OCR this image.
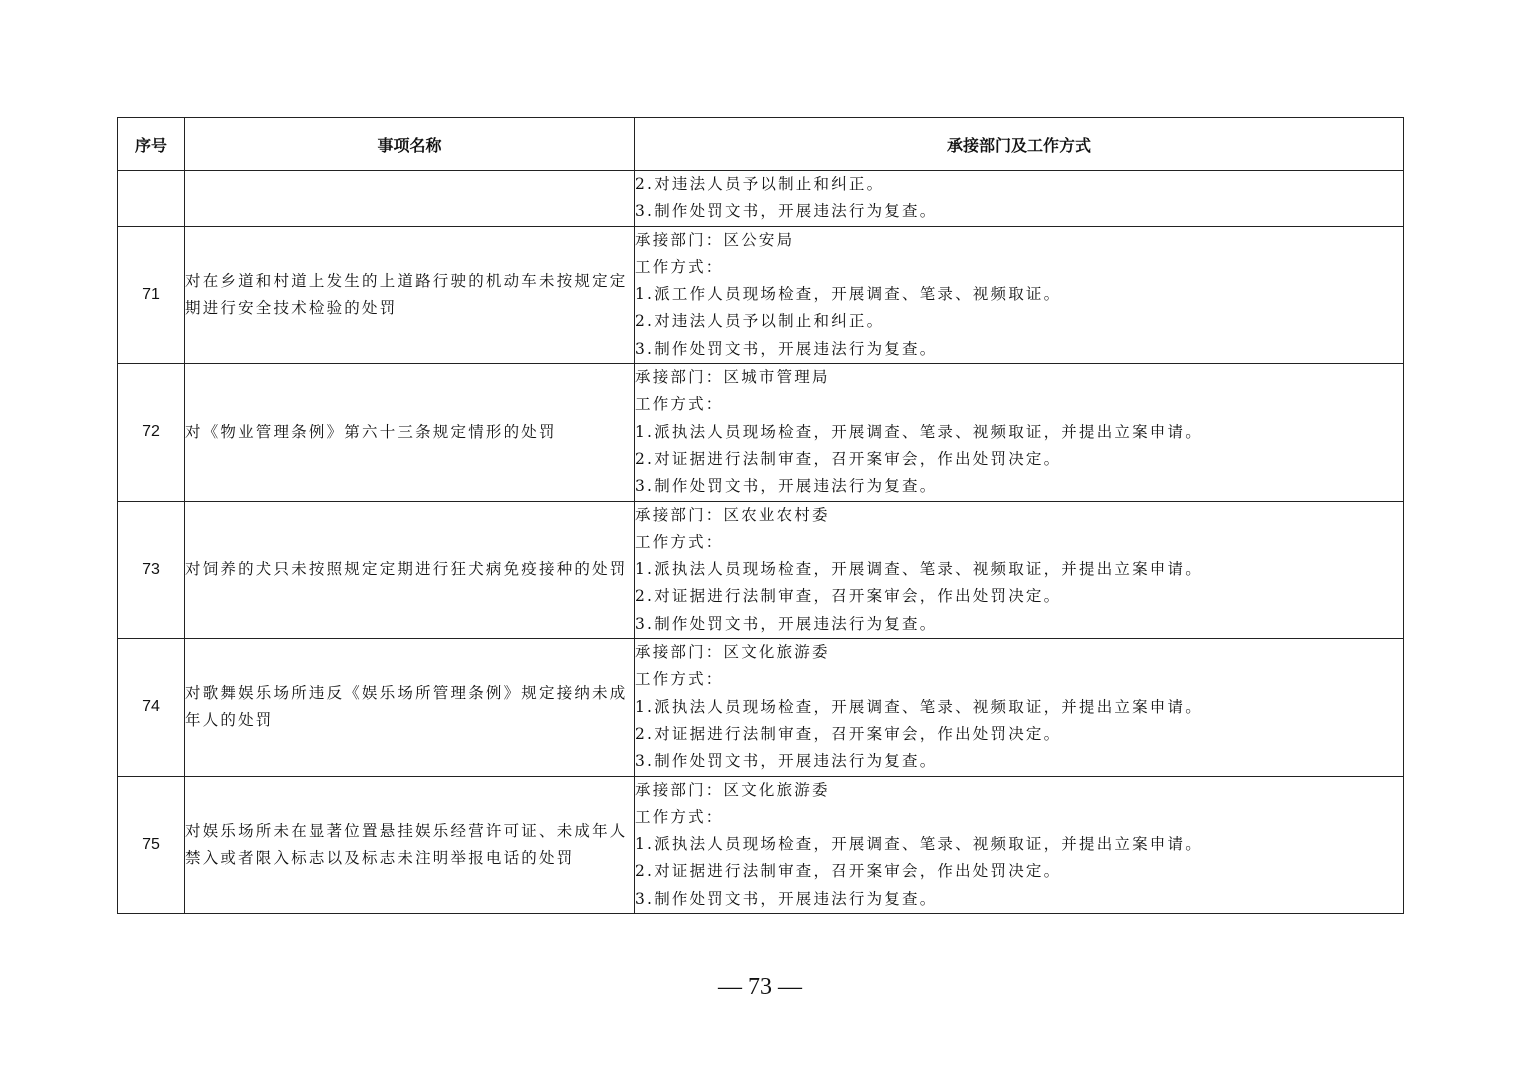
序号	事项名称	承接部门及工作方式

		2.对违法人员予以制止和纠正。
3.制作处罚文书，开展违法行为复查。

71	对在乡道和村道上发生的上道路行驶的机动车未按规定定期进行安全技术检验的处罚	承接部门：区公安局
工作方式：
1.派工作人员现场检查，开展调查、笔录、视频取证。
2.对违法人员予以制止和纠正。
3.制作处罚文书，开展违法行为复查。

72	对《物业管理条例》第六十三条规定情形的处罚	承接部门：区城市管理局
工作方式：
1.派执法人员现场检查，开展调查、笔录、视频取证，并提出立案申请。
2.对证据进行法制审查，召开案审会，作出处罚决定。
3.制作处罚文书，开展违法行为复查。

73	对饲养的犬只未按照规定定期进行狂犬病免疫接种的处罚	承接部门：区农业农村委
工作方式：
1.派执法人员现场检查，开展调查、笔录、视频取证，并提出立案申请。
2.对证据进行法制审查，召开案审会，作出处罚决定。
3.制作处罚文书，开展违法行为复查。

74	对歌舞娱乐场所违反《娱乐场所管理条例》规定接纳未成年人的处罚	承接部门：区文化旅游委
工作方式：
1.派执法人员现场检查，开展调查、笔录、视频取证，并提出立案申请。
2.对证据进行法制审查，召开案审会，作出处罚决定。
3.制作处罚文书，开展违法行为复查。

75	对娱乐场所未在显著位置悬挂娱乐经营许可证、未成年人禁入或者限入标志以及标志未注明举报电话的处罚	承接部门：区文化旅游委
工作方式：
1.派执法人员现场检查，开展调查、笔录、视频取证，并提出立案申请。
2.对证据进行法制审查，召开案审会，作出处罚决定。
3.制作处罚文书，开展违法行为复查。
— 73 —
